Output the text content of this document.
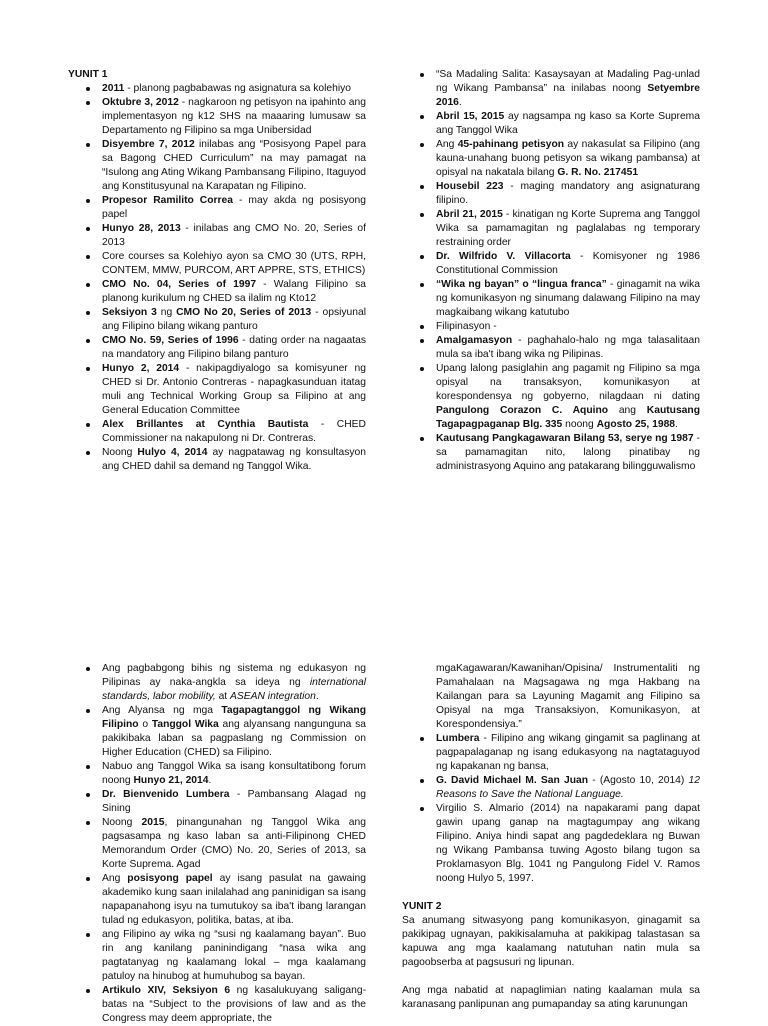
YUNIT 1

2011 - planong pagbabawas ng asignatura sa kolehiyo
Oktubre 3, 2012 - nagkaroon ng petisyon na ipahinto ang implementasyon ng k12 SHS na maaaring lumusaw sa Departamento ng Filipino sa mga Unibersidad
Disyembre 7, 2012 inilabas ang “Posisyong Papel para sa Bagong CHED Curriculum” na may pamagat na “Isulong ang Ating Wikang Pambansang Filipino, Itaguyod ang Konstitusyunal na Karapatan ng Filipino.
Propesor Ramilito Correa - may akda ng posisyong papel
Hunyo 28, 2013 - inilabas ang CMO No. 20, Series of 2013
Core courses sa Kolehiyo ayon sa CMO 30 (UTS, RPH, CONTEM, MMW, PURCOM, ART APPRE, STS, ETHICS)
CMO No. 04, Series of 1997 - Walang Filipino sa planong kurikulum ng CHED sa ilalim ng Kto12
Seksiyon 3 ng CMO No 20, Series of 2013 - opsiyunal ang Filipino bilang wikang panturo
CMO No. 59, Series of 1996 - dating order na nagaatas na mandatory ang Filipino bilang panturo
Hunyo 2, 2014 - nakipagdiyalogo sa komisyuner ng CHED si Dr. Antonio Contreras - napagkasunduan itatag muli ang Technical Working Group sa Filipino at ang General Education Committee
Alex Brillantes at Cynthia Bautista - CHED Commissioner na nakapulong ni Dr. Contreras.
Noong Hulyo 4, 2014 ay nagpatawag ng konsultasyon ang CHED dahil sa demand ng Tanggol Wika.
“Sa Madaling Salita: Kasaysayan at Madaling Pag-unlad ng Wikang Pambansa” na inilabas noong Setyembre 2016.
Abril 15, 2015 ay nagsampa ng kaso sa Korte Suprema ang Tanggol Wika
Ang 45-pahinang petisyon ay nakasulat sa Filipino (ang kauna-unahang buong petisyon sa wikang pambansa) at opisyal na nakatala bilang G. R. No. 217451
Housebil 223 - maging mandatory ang asignaturang filipino.
Abril 21, 2015 - kinatigan ng Korte Suprema ang Tanggol Wika sa pamamagitan ng paglalabas ng temporary restraining order
Dr. Wilfrido V. Villacorta - Komisyoner ng 1986 Constitutional Commission
“Wika ng bayan” o “lingua franca” - ginagamit na wika ng komunikasyon ng sinumang dalawang Filipino na may magkaibang wikang katutubo
Filipinasyon -
Amalgamasyon - paghahalo-halo ng mga talasalitaan mula sa iba't ibang wika ng Pilipinas.
Upang lalong pasiglahin ang pagamit ng Filipino sa mga opisyal na transaksyon, komunikasyon at korespondensya ng gobyerno, nilagdaan ni dating Pangulong Corazon C. Aquino ang Kautusang Tagapagpaganap Blg. 335 noong Agosto 25, 1988.
Kautusang Pangkagawaran Bilang 53, serye ng 1987 - sa pamamagitan nito, lalong pinatibay ng administrasyong Aquino ang patakarang bilingguwalismo
Ang pagbabgong bihis ng sistema ng edukasyon ng Pilipinas ay naka-angkla sa ideya ng international standards, labor mobility, at ASEAN integration.
Ang Alyansa ng mga Tagapagtanggol ng Wikang Filipino o Tanggol Wika ang alyansang nangunguna sa pakikibaka laban sa pagpaslang ng Commission on Higher Education (CHED) sa Filipino.
Nabuo ang Tanggol Wika sa isang konsultatibong forum noong Hunyo 21, 2014.
Dr. Bienvenido Lumbera - Pambansang Alagad ng Sining
Noong 2015, pinangunahan ng Tanggol Wika ang pagsasampa ng kaso laban sa anti-Filipinong CHED Memorandum Order (CMO) No. 20, Series of 2013, sa Korte Suprema. Agad
Ang posisyong papel ay isang pasulat na gawaing akademiko kung saan inilalahad ang paninidigan sa isang napapanahong isyu na tumutukoy sa iba't ibang larangan tulad ng edukasyon, politika, batas, at iba.
ang Filipino ay wika ng “susi ng kaalamang bayan”. Buo rin ang kanilang paninindigang “nasa wika ang pagtatanyag ng kaalamang lokal – mga kaalamang patuloy na hinubog at humuhubog sa bayan.
Artikulo XIV, Seksiyon 6 ng kasalukuyang saligang-batas na “Subject to the provisions of law and as the Congress may deem appropriate, the
mgaKagawaran/Kawanihan/Opisina/ Instrumentaliti ng Pamahalaan na Magsagawa ng mga Hakbang na Kailangan para sa Layuning Magamit ang Filipino sa Opisyal na mga Transaksiyon, Komunikasyon, at Korespondensiya.”
Lumbera - Filipino ang wikang gingamit sa paglinang at pagpapalaganap ng isang edukasyong na nagtataguyod ng kapakanan ng bansa,
G. David Michael M. San Juan - (Agosto 10, 2014) 12 Reasons to Save the National Language.
Virgilio S. Almario (2014) na napakarami pang dapat gawin upang ganap na magtagumpay ang wikang Filipino. Aniya hindi sapat ang pagdedeklara ng Buwan ng Wikang Pambansa tuwing Agosto bilang tugon sa Proklamasyon Blg. 1041 ng Pangulong Fidel V. Ramos noong Hulyo 5, 1997.

YUNIT 2

Sa anumang sitwasyong pang komunikasyon, ginagamit sa pakikipag ugnayan, pakikisalamuha at pakikipag talastasan sa kapuwa ang mga kaalamang natutuhan natin mula sa pagoobserba at pagsusuri ng lipunan.

Ang mga nabatid at napaglimian nating kaalaman mula sa karanasang panlipunan ang pumapanday sa ating karunungan
